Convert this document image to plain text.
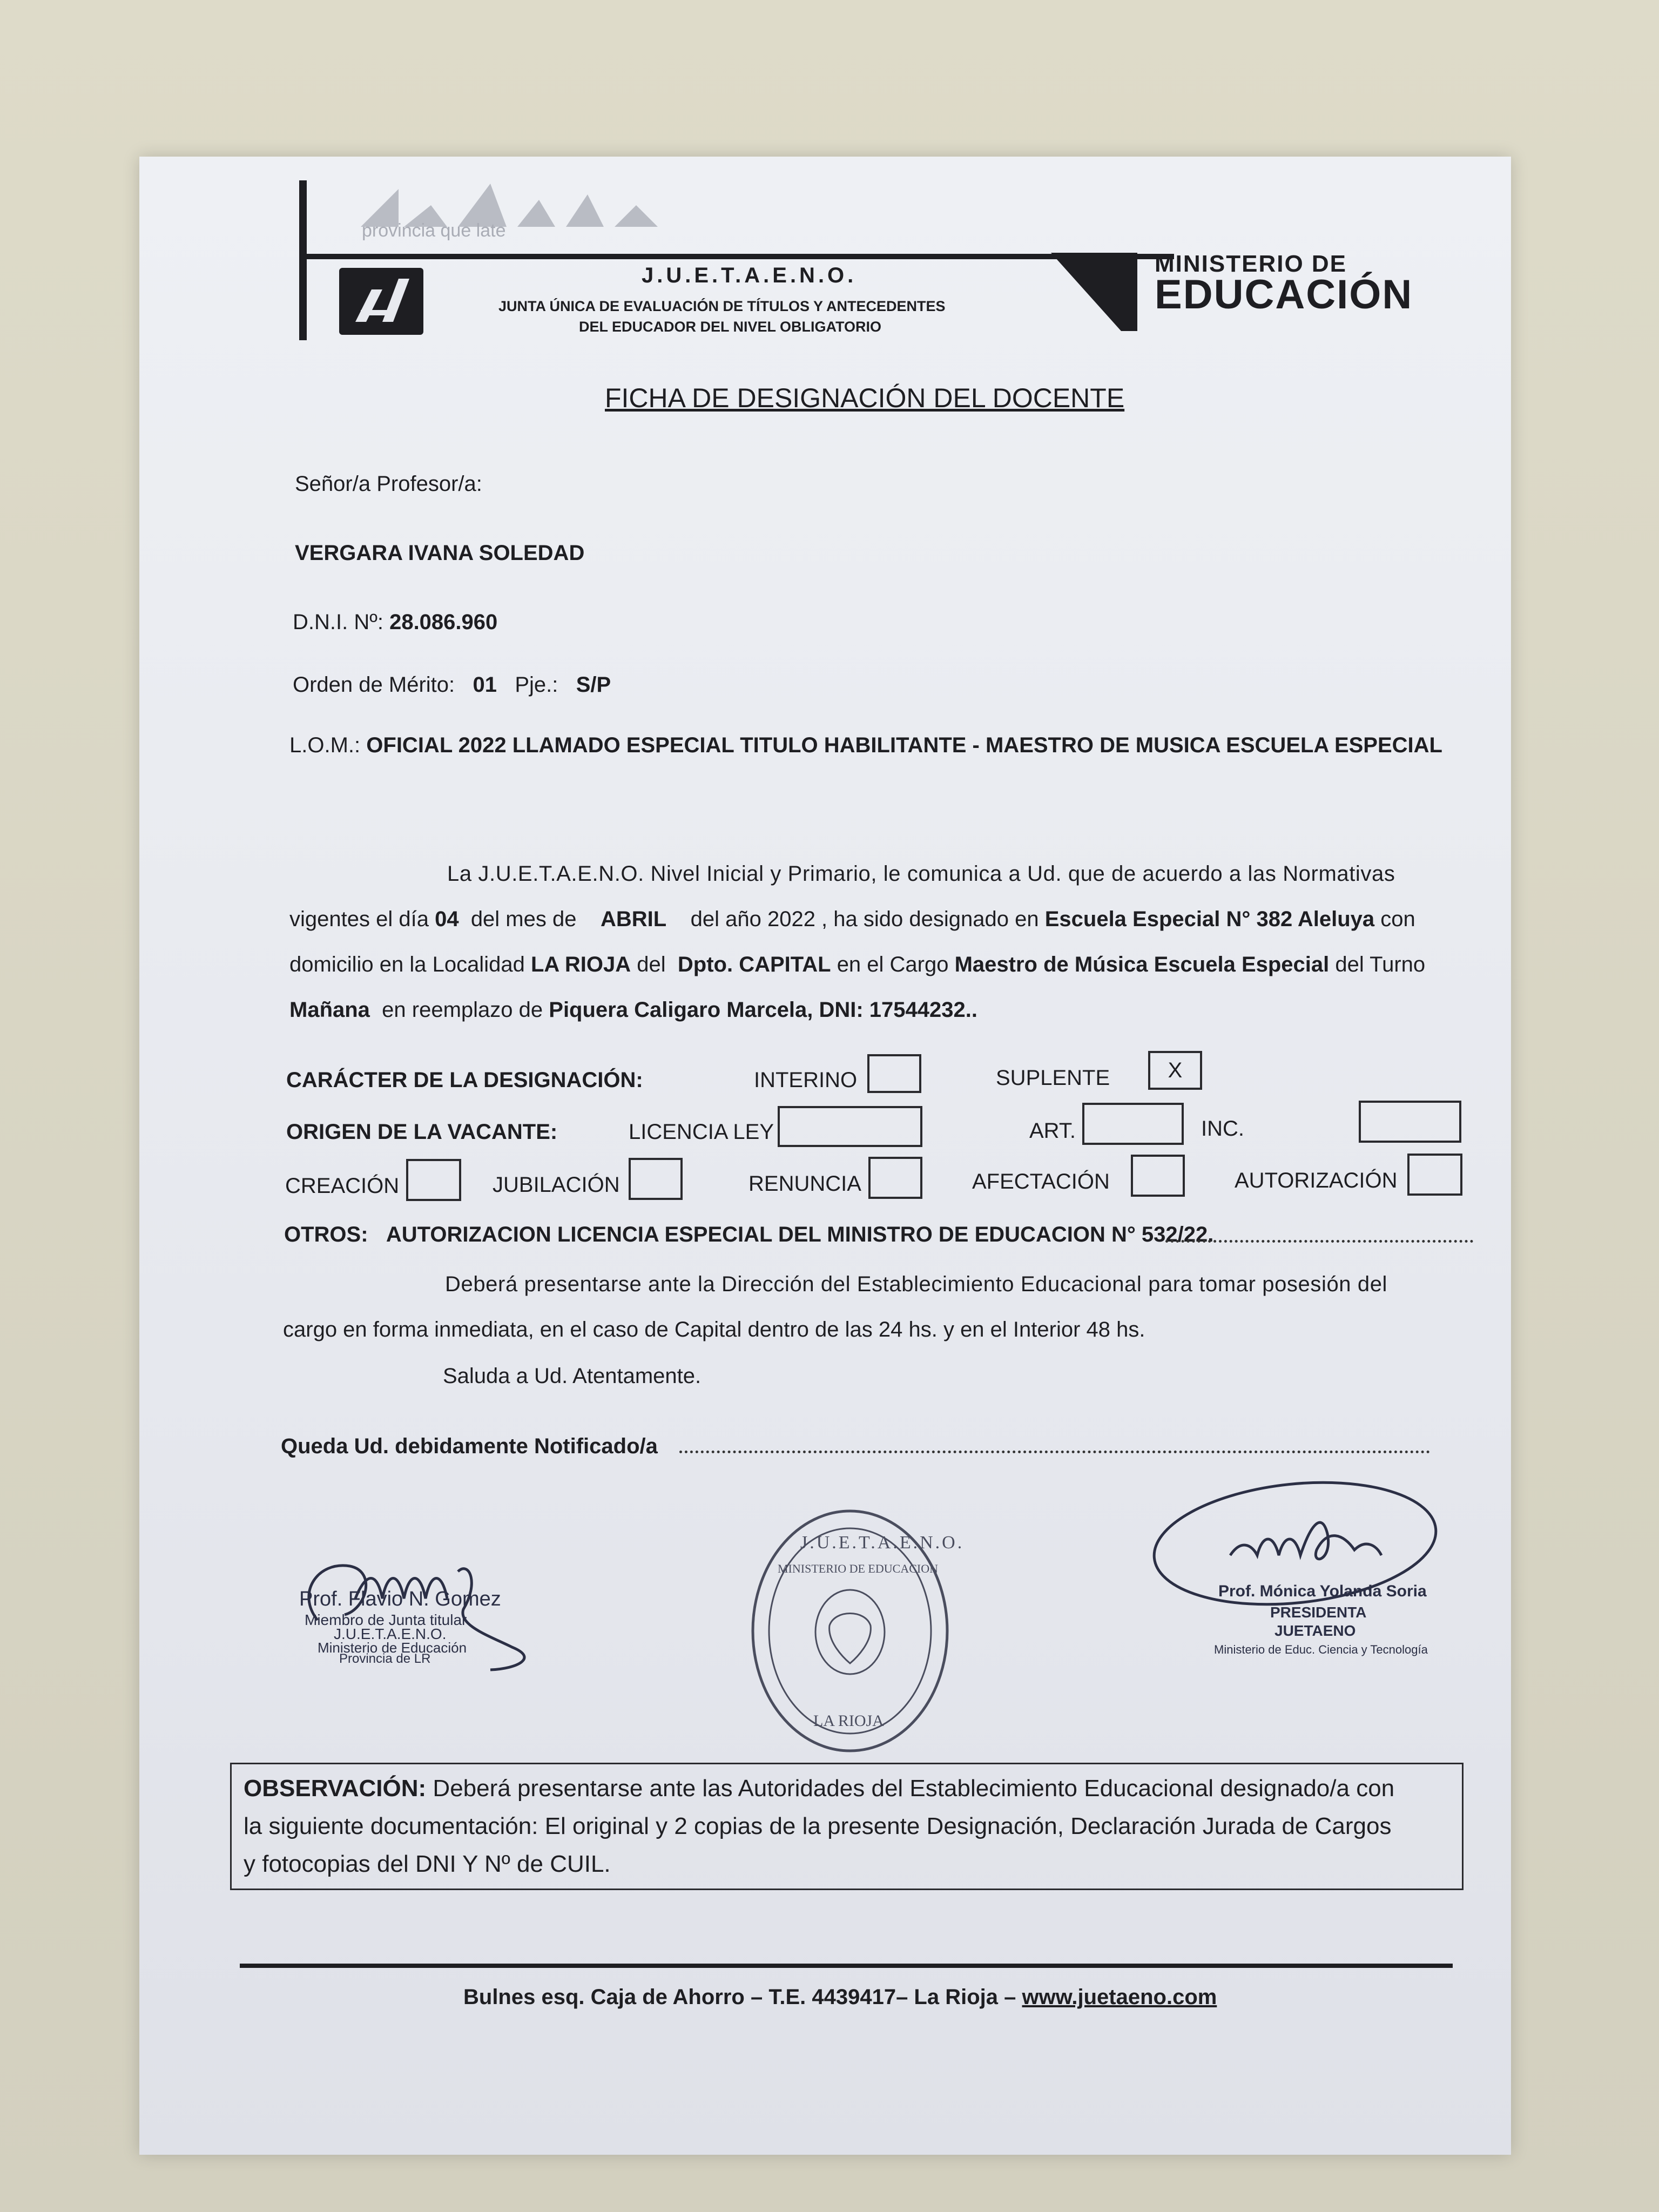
provincia que late
J.U.E.T.A.E.N.O.
JUNTA ÚNICA DE EVALUACIÓN DE TÍTULOS Y ANTECEDENTES
DEL EDUCADOR DEL NIVEL OBLIGATORIO
MINISTERIO DE
EDUCACIÓN
FICHA DE DESIGNACIÓN DEL DOCENTE
Señor/a Profesor/a:
VERGARA IVANA SOLEDAD
D.N.I. Nº: 28.086.960
Orden de Mérito: 01 Pje.: S/P
L.O.M.: OFICIAL 2022 LLAMADO ESPECIAL TITULO HABILITANTE - MAESTRO DE MUSICA ESCUELA ESPECIAL
La J.U.E.T.A.E.N.O. Nivel Inicial y Primario, le comunica a Ud. que de acuerdo a las Normativas
vigentes el día 04 del mes de ABRIL del año 2022 , ha sido designado en Escuela Especial N° 382 Aleluya con
domicilio en la Localidad LA RIOJA del Dpto. CAPITAL en el Cargo Maestro de Música Escuela Especial del Turno
Mañana en reemplazo de Piquera Caligaro Marcela, DNI: 17544232..
CARÁCTER DE LA DESIGNACIÓN:	INTERINO	SUPLENTE	X
ORIGEN DE LA VACANTE:	LICENCIA LEY	ART.	INC.
CREACIÓN	JUBILACIÓN	RENUNCIA	AFECTACIÓN	AUTORIZACIÓN
OTROS: AUTORIZACION LICENCIA ESPECIAL DEL MINISTRO DE EDUCACION N° 532/22.
Deberá presentarse ante la Dirección del Establecimiento Educacional para tomar posesión del
cargo en forma inmediata, en el caso de Capital dentro de las 24 hs. y en el Interior 48 hs.
Saluda a Ud. Atentamente.
Queda Ud. debidamente Notificado/a
Prof. Flavio N. Gomez
Miembro de Junta titular
J.U.E.T.A.E.N.O.
Ministerio de Educación
Provincia de LR
J.U.E.T.A.E.N.O.
MINISTERIO DE EDUCACION
LA RIOJA
Prof. Mónica Yolanda Soria
PRESIDENTA
JUETAENO
Ministerio de Educ. Ciencia y Tecnología
OBSERVACIÓN: Deberá presentarse ante las Autoridades del Establecimiento Educacional designado/a con
la siguiente documentación: El original y 2 copias de la presente Designación, Declaración Jurada de Cargos
y fotocopias del DNI Y Nº de CUIL.
Bulnes esq. Caja de Ahorro – T.E. 4439417– La Rioja – www.juetaeno.com
